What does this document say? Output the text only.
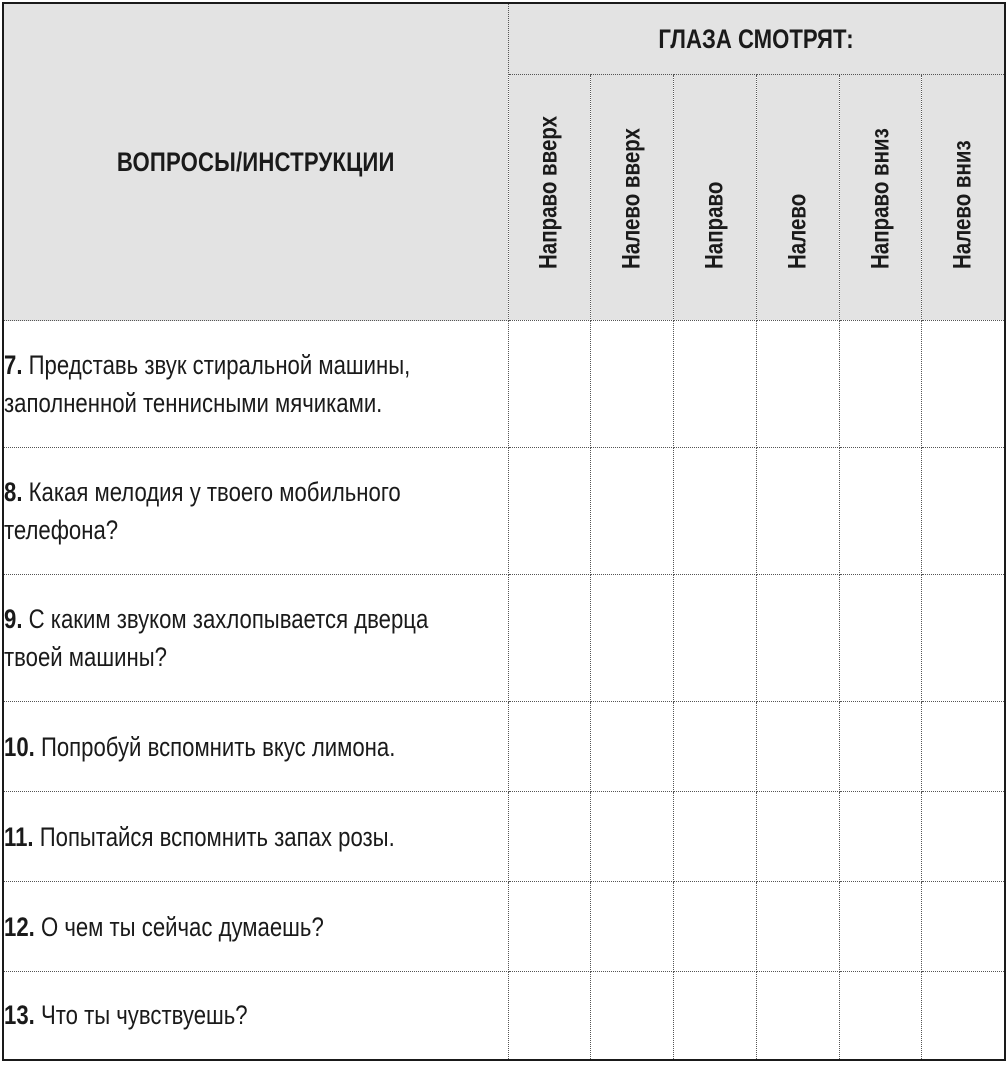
ВОПРОСЫ/ИНСТРУКЦИИ	ГЛАЗА СМОТРЯТ:					

	Направо вверх	Налево вверх	Направо	Налево	Направо вниз	Налево вниз

7. Представь звук стиральной машины,
заполненной теннисными мячиками.						
8. Какая мелодия у твоего мобильного
телефона?						
9. С каким звуком захлопывается дверца
твоей машины?						
10. Попробуй вспомнить вкус лимона.						
11. Попытайся вспомнить запах розы.						
12. О чем ты сейчас думаешь?						
13. Что ты чувствуешь?						
